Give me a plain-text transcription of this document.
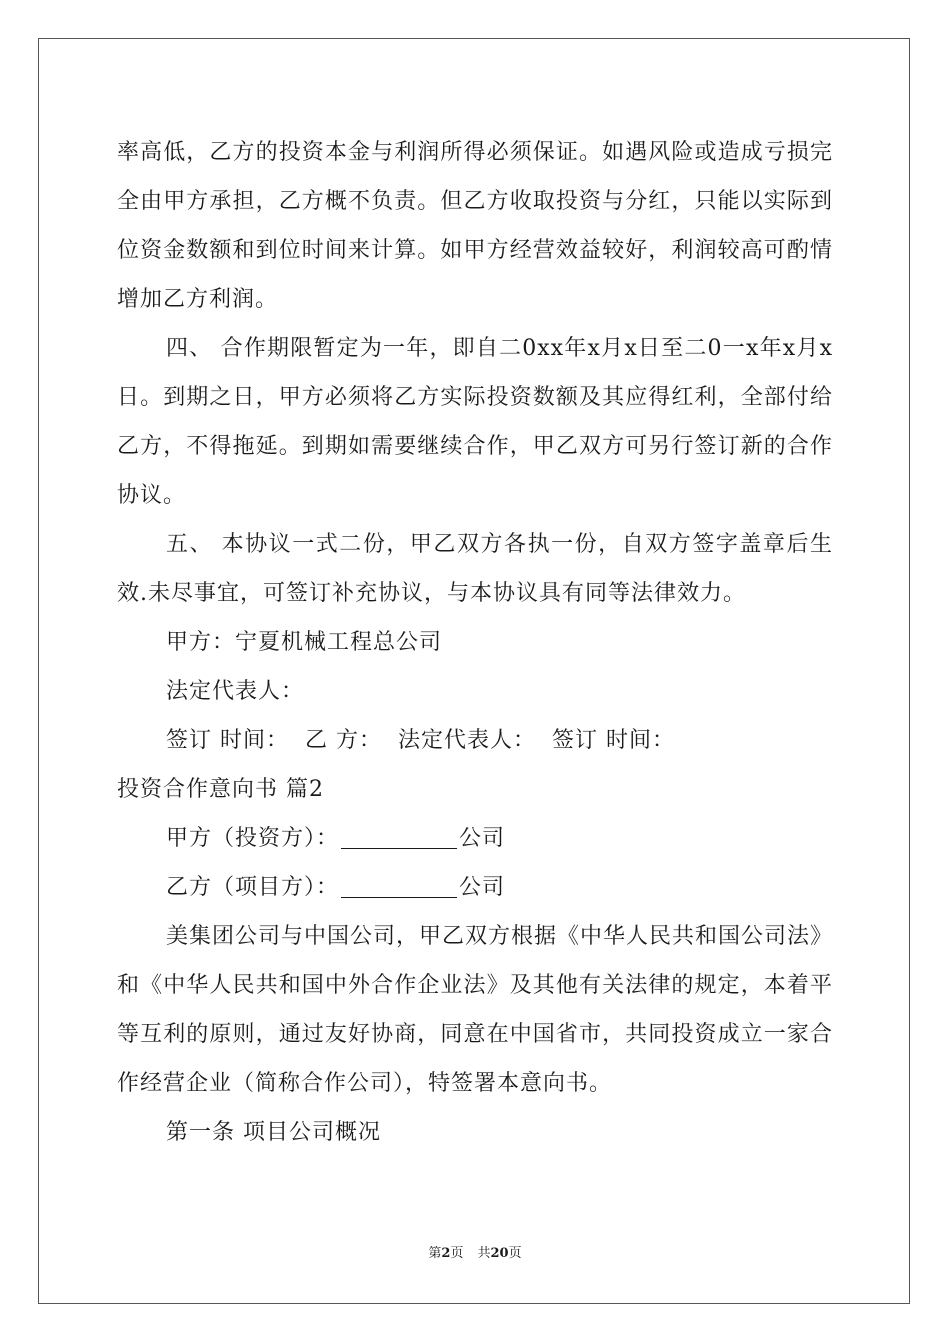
率高低，乙方的投资本金与利润所得必须保证。如遇风险或造成亏损完全由甲方承担，乙方概不负责。但乙方收取投资与分红，只能以实际到位资金数额和到位时间来计算。如甲方经营效益较好，利润较高可酌情增加乙方利润。

四、 合作期限暂定为一年，即自二0xx年x月x日至二0一x年x月x日。到期之日，甲方必须将乙方实际投资数额及其应得红利，全部付给乙方，不得拖延。到期如需要继续合作，甲乙双方可另行签订新的合作协议。

五、 本协议一式二份，甲乙双方各执一份，自双方签字盖章后生效.未尽事宜，可签订补充协议，与本协议具有同等法律效力。

甲方：宁夏机械工程总公司

法定代表人：

签订 时间：  乙 方：  法定代表人：  签订 时间：

投资合作意向书 篇2

甲方（投资方）：	公司

乙方（项目方）：	公司

美集团公司与中国公司，甲乙双方根据《中华人民共和国公司法》和《中华人民共和国中外合作企业法》及其他有关法律的规定，本着平等互利的原则，通过友好协商，同意在中国省市，共同投资成立一家合作经营企业（简称合作公司），特签署本意向书。

第一条 项目公司概况

第2页 共20页
